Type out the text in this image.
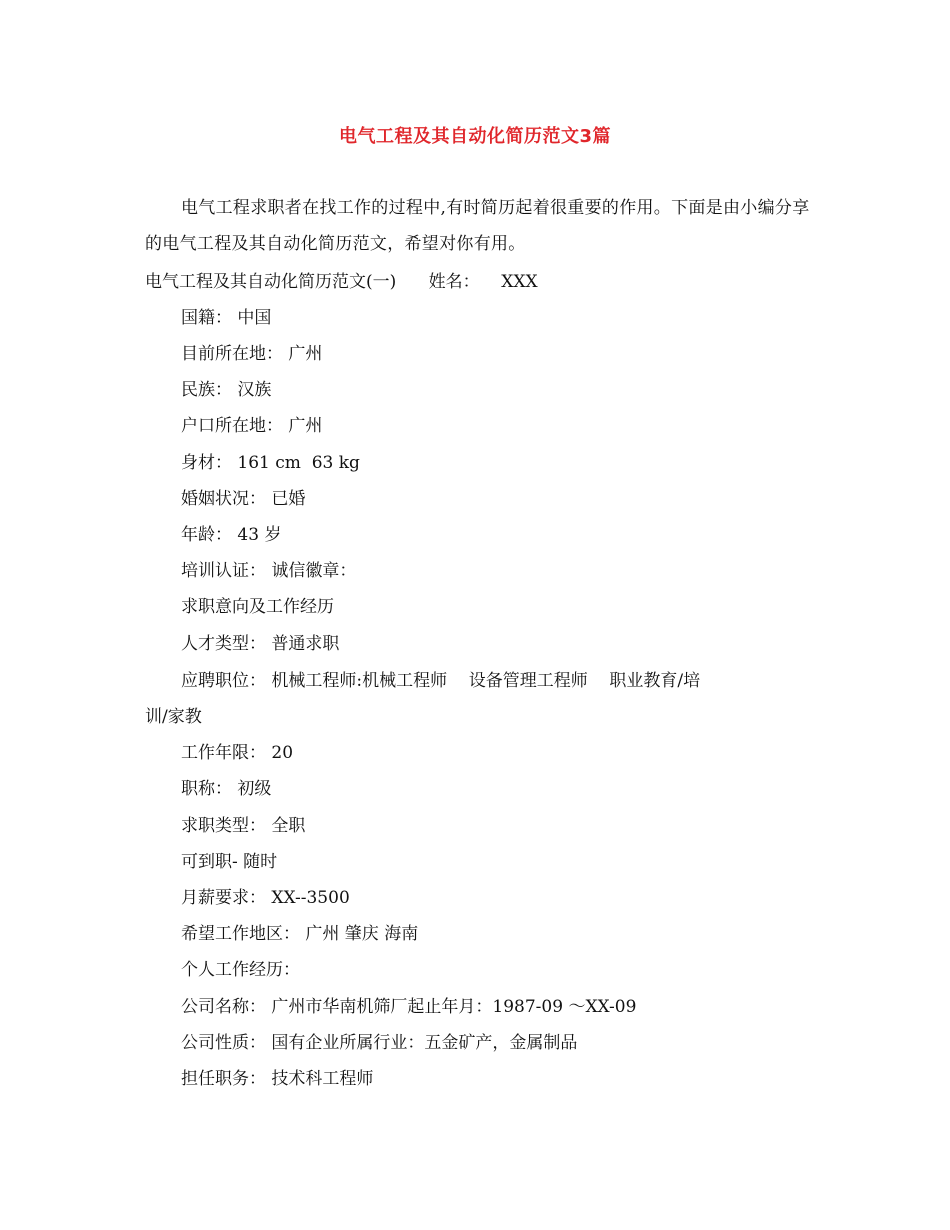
电气工程及其自动化简历范文3篇

电气工程求职者在找工作的过程中,有时简历起着很重要的作用。下面是由小编分享的电气工程及其自动化简历范文，希望对你有用。

电气工程及其自动化简历范文(一)      姓名：    XXX
国籍： 中国
目前所在地： 广州
民族： 汉族
户口所在地： 广州
身材： 161 cm  63 kg
婚姻状况： 已婚
年龄： 43 岁
培训认证： 诚信徽章：
求职意向及工作经历
人才类型： 普通求职
应聘职位： 机械工程师:机械工程师    设备管理工程师    职业教育/培
训/家教
工作年限： 20
职称： 初级
求职类型： 全职
可到职- 随时
月薪要求： XX--3500
希望工作地区： 广州 肇庆 海南
个人工作经历：
公司名称： 广州市华南机筛厂起止年月：1987-09 ～XX-09
公司性质： 国有企业所属行业：五金矿产，金属制品
担任职务： 技术科工程师
